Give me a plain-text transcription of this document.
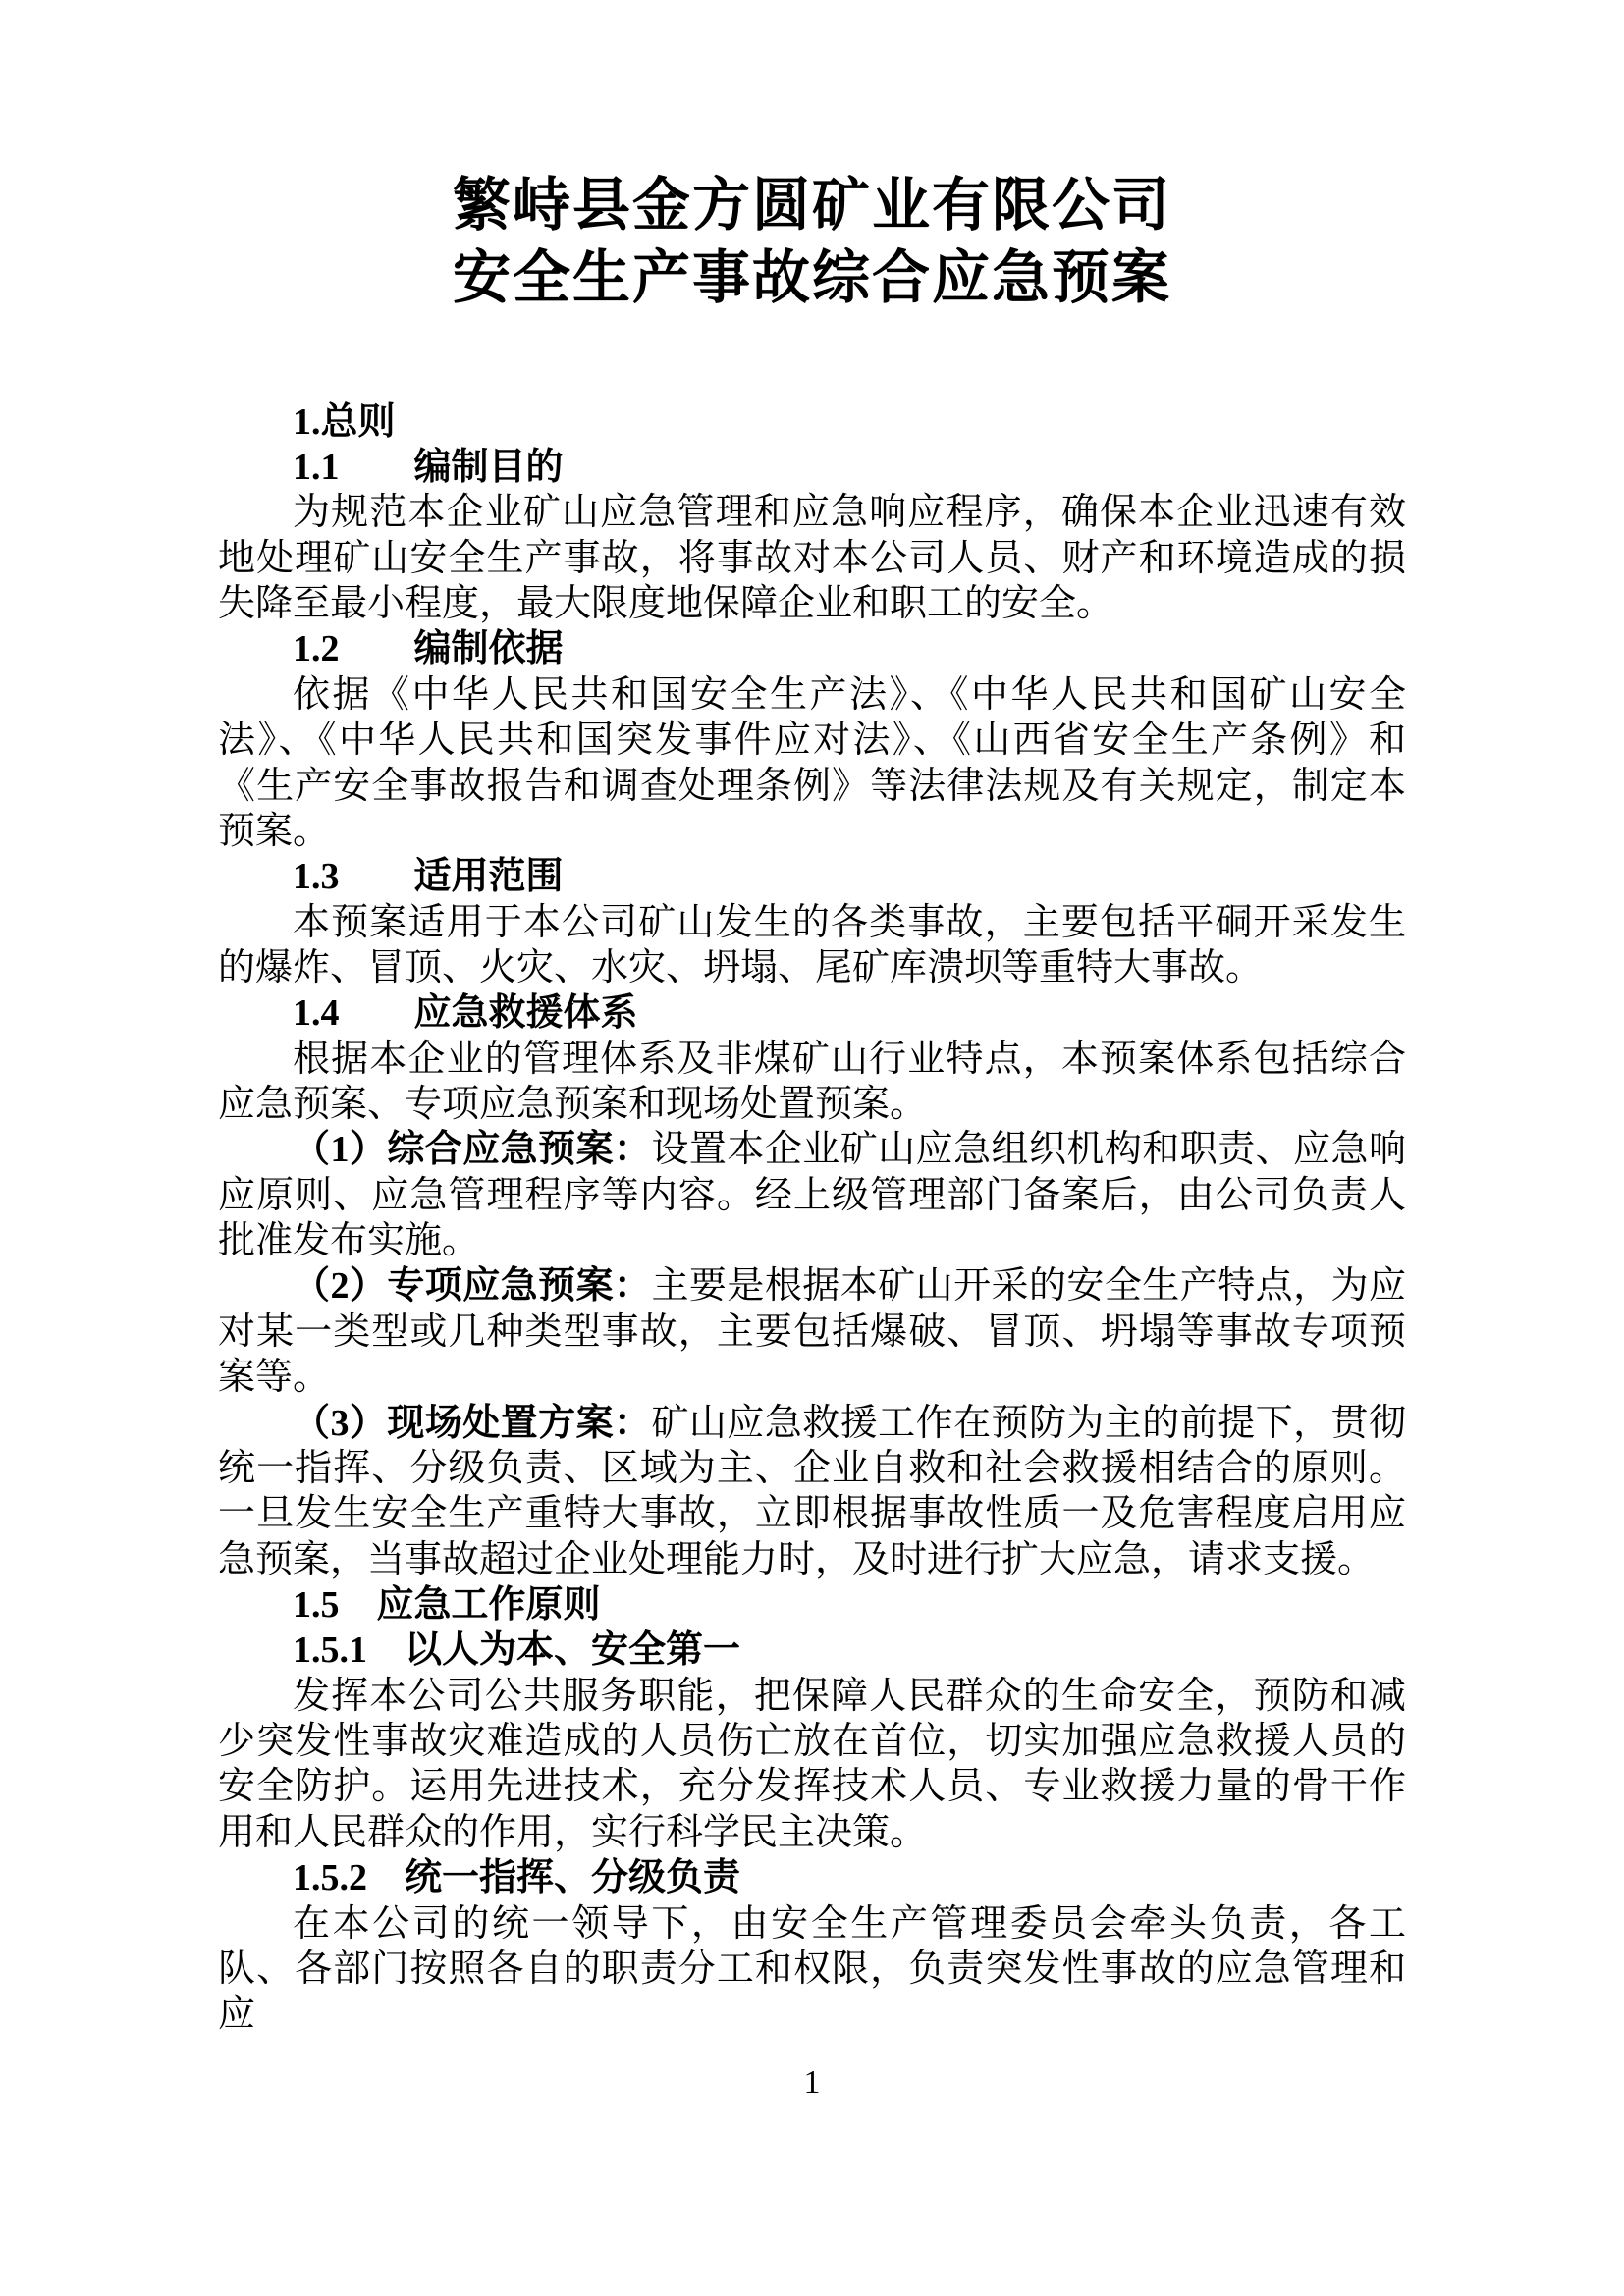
繁峙县金方圆矿业有限公司
安全生产事故综合应急预案

1.总则

1.1　　编制目的

为规范本企业矿山应急管理和应急响应程序，确保本企业迅速有效地处理矿山安全生产事故，将事故对本公司人员、财产和环境造成的损失降至最小程度，最大限度地保障企业和职工的安全。

1.2　　编制依据

依据《中华人民共和国安全生产法》、《中华人民共和国矿山安全法》、《中华人民共和国突发事件应对法》、《山西省安全生产条例》和《生产安全事故报告和调查处理条例》等法律法规及有关规定，制定本预案。

1.3　　适用范围

本预案适用于本公司矿山发生的各类事故，主要包括平硐开采发生的爆炸、冒顶、火灾、水灾、坍塌、尾矿库溃坝等重特大事故。

1.4　　应急救援体系

根据本企业的管理体系及非煤矿山行业特点，本预案体系包括综合应急预案、专项应急预案和现场处置预案。

（1）综合应急预案：设置本企业矿山应急组织机构和职责、应急响应原则、应急管理程序等内容。经上级管理部门备案后，由公司负责人批准发布实施。

（2）专项应急预案：主要是根据本矿山开采的安全生产特点，为应对某一类型或几种类型事故，主要包括爆破、冒顶、坍塌等事故专项预案等。

（3）现场处置方案：矿山应急救援工作在预防为主的前提下，贯彻统一指挥、分级负责、区域为主、企业自救和社会救援相结合的原则。一旦发生安全生产重特大事故，立即根据事故性质一及危害程度启用应急预案，当事故超过企业处理能力时，及时进行扩大应急，请求支援。

1.5　应急工作原则

1.5.1　以人为本、安全第一

发挥本公司公共服务职能，把保障人民群众的生命安全，预防和减少突发性事故灾难造成的人员伤亡放在首位，切实加强应急救援人员的安全防护。运用先进技术，充分发挥技术人员、专业救援力量的骨干作用和人民群众的作用，实行科学民主决策。

1.5.2　统一指挥、分级负责

在本公司的统一领导下，由安全生产管理委员会牵头负责，各工队、各部门按照各自的职责分工和权限，负责突发性事故的应急管理和应

1
